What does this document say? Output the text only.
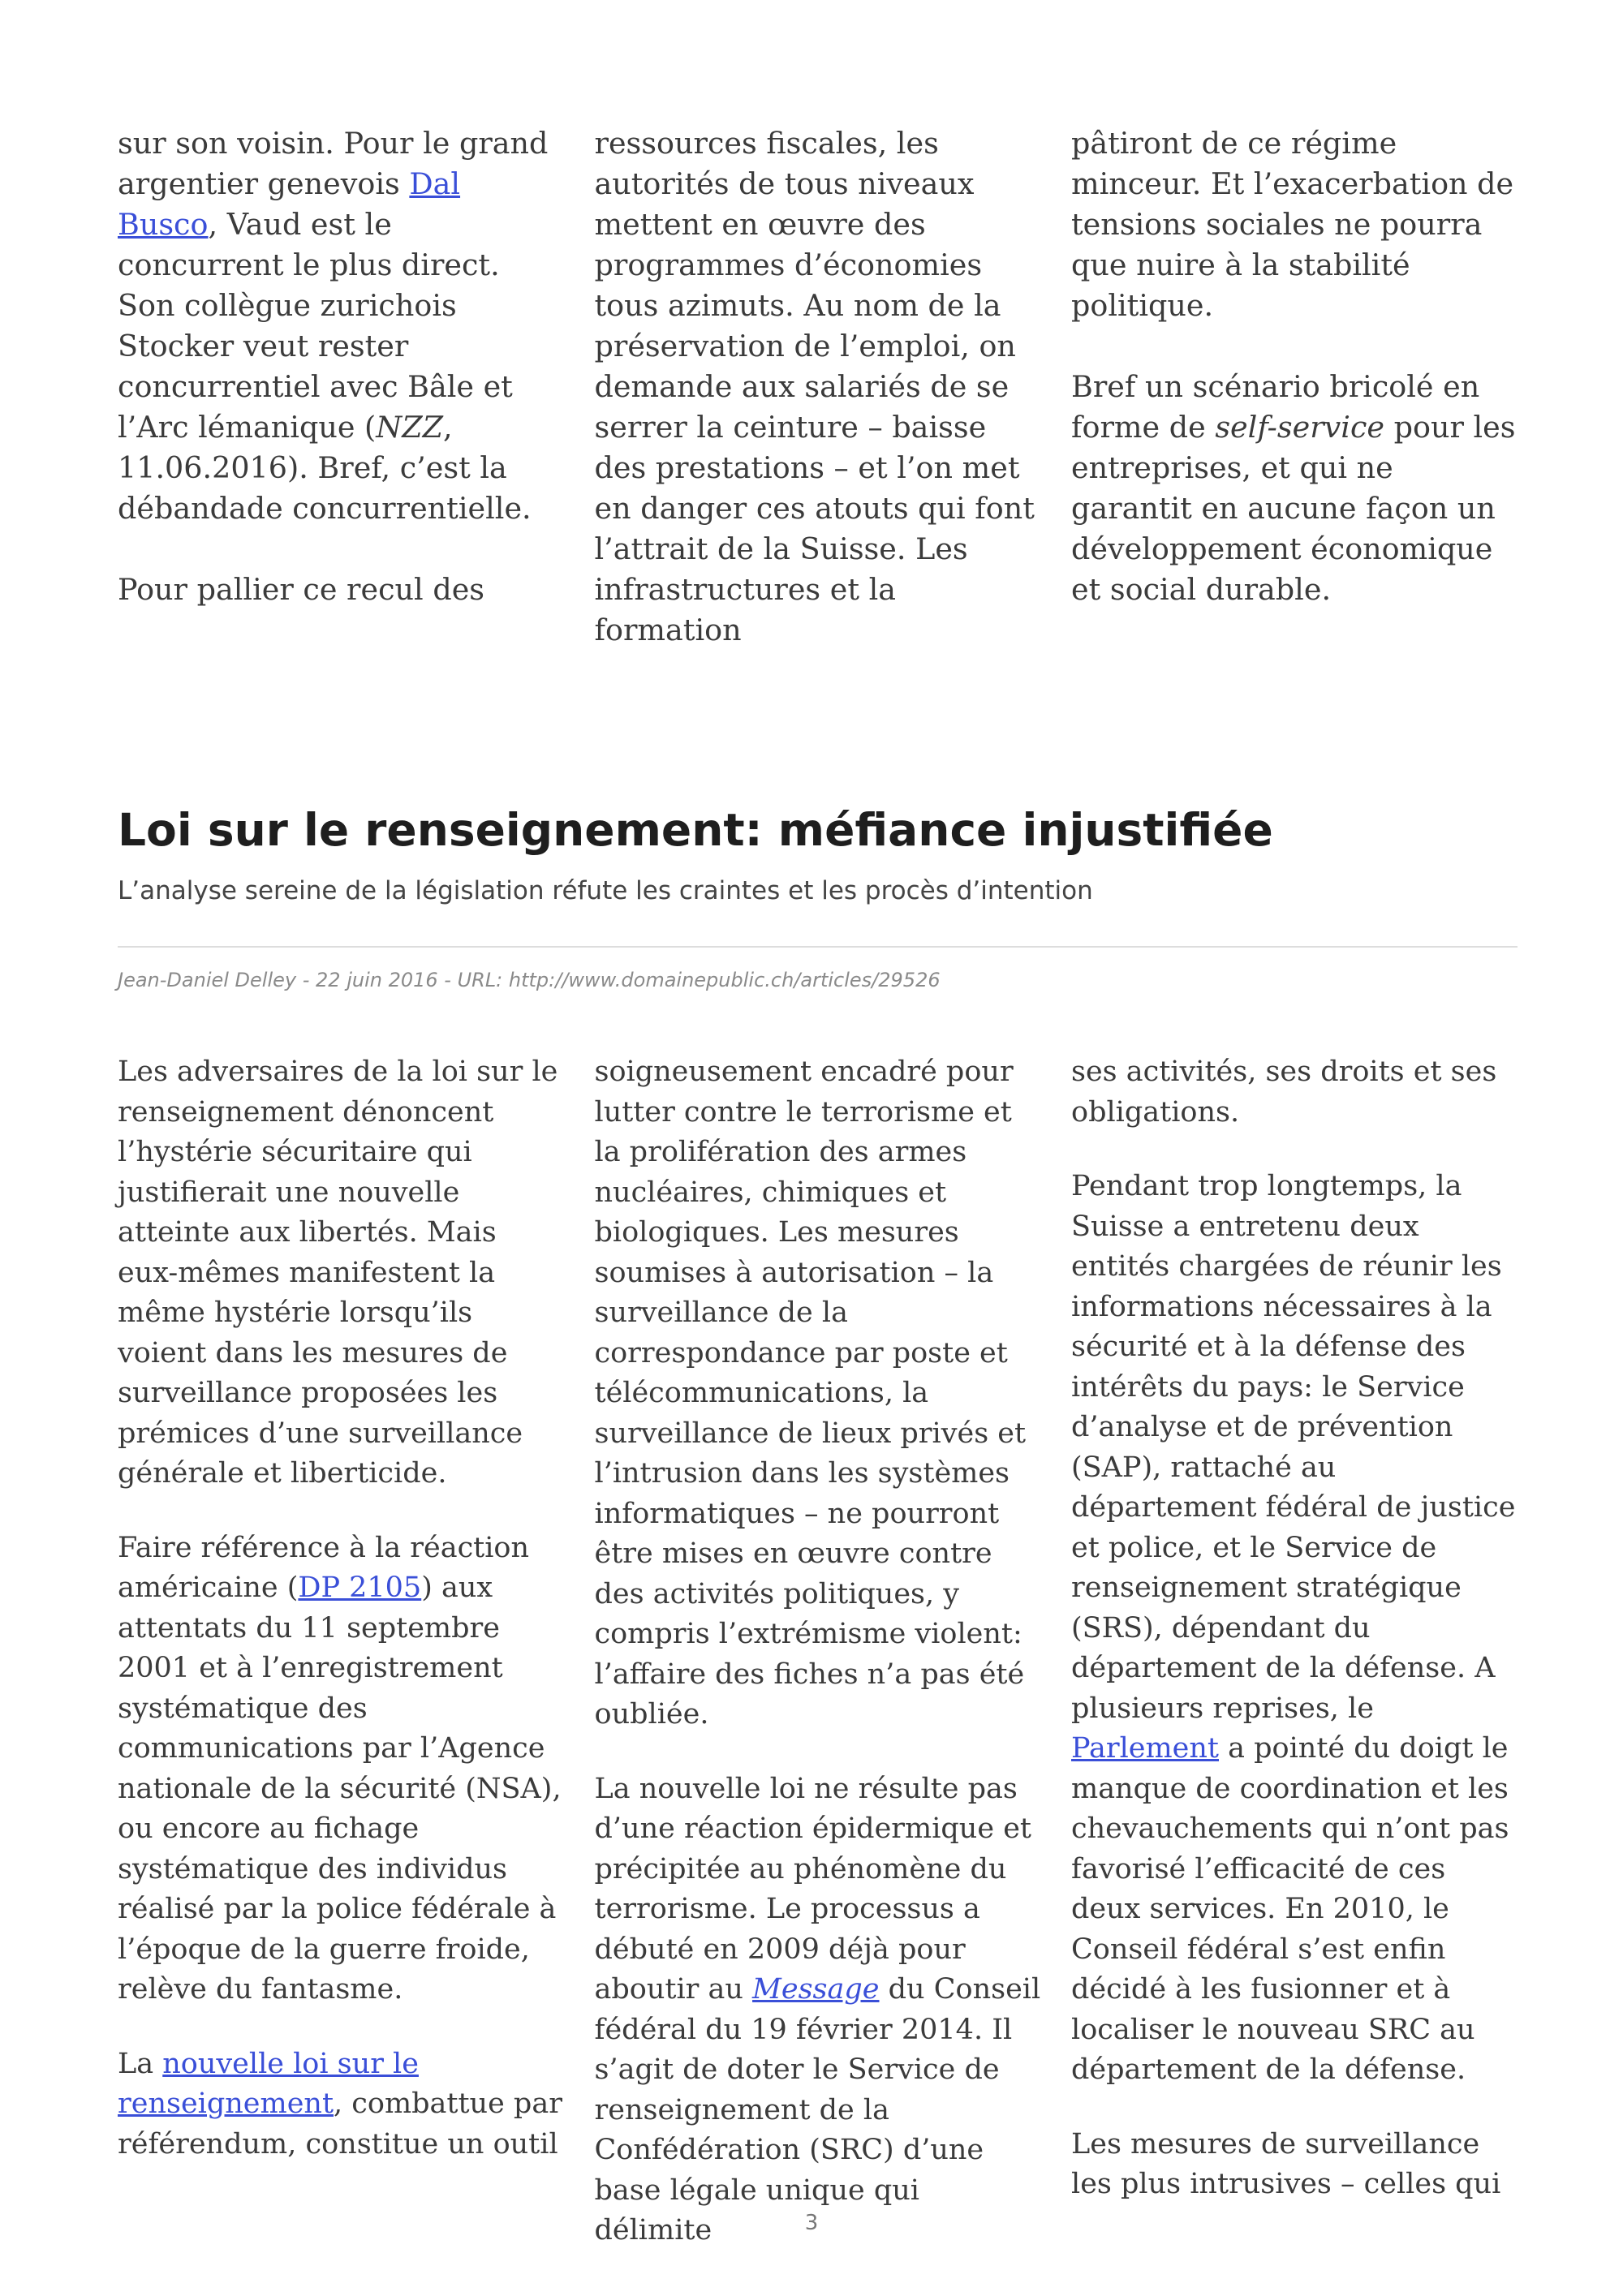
sur son voisin. Pour le grand argentier genevois Dal Busco, Vaud est le concurrent le plus direct. Son collègue zurichois Stocker veut rester concurrentiel avec Bâle et l’Arc lémanique (NZZ, 11.06.2016). Bref, c’est la débandade concurrentielle.

Pour pallier ce recul des

ressources fiscales, les autorités de tous niveaux mettent en œuvre des programmes d’économies tous azimuts. Au nom de la préservation de l’emploi, on demande aux salariés de se serrer la ceinture – baisse des prestations – et l’on met en danger ces atouts qui font l’attrait de la Suisse. Les infrastructures et la formation

pâtiront de ce régime minceur. Et l’exacerbation de tensions sociales ne pourra que nuire à la stabilité politique.

Bref un scénario bricolé en forme de self-service pour les entreprises, et qui ne garantit en aucune façon un développement économique et social durable.

Loi sur le renseignement: méfiance injustifiée

L’analyse sereine de la législation réfute les craintes et les procès d’intention

Jean-Daniel Delley - 22 juin 2016 - URL: http://www.domainepublic.ch/articles/29526

Les adversaires de la loi sur le renseignement dénoncent l’hystérie sécuritaire qui justifierait une nouvelle atteinte aux libertés. Mais eux-mêmes manifestent la même hystérie lorsqu’ils voient dans les mesures de surveillance proposées les prémices d’une surveillance générale et liberticide.

Faire référence à la réaction américaine (DP 2105) aux attentats du 11 septembre 2001 et à l’enregistrement systématique des communications par l’Agence nationale de la sécurité (NSA), ou encore au fichage systématique des individus réalisé par la police fédérale à l’époque de la guerre froide, relève du fantasme.

La nouvelle loi sur le renseignement, combattue par référendum, constitue un outil

soigneusement encadré pour lutter contre le terrorisme et la prolifération des armes nucléaires, chimiques et biologiques. Les mesures soumises à autorisation – la surveillance de la correspondance par poste et télécommunications, la surveillance de lieux privés et l’intrusion dans les systèmes informatiques – ne pourront être mises en œuvre contre des activités politiques, y compris l’extrémisme violent: l’affaire des fiches n’a pas été oubliée.

La nouvelle loi ne résulte pas d’une réaction épidermique et précipitée au phénomène du terrorisme. Le processus a débuté en 2009 déjà pour aboutir au Message du Conseil fédéral du 19 février 2014. Il s’agit de doter le Service de renseignement de la Confédération (SRC) d’une base légale unique qui délimite

ses activités, ses droits et ses obligations.

Pendant trop longtemps, la Suisse a entretenu deux entités chargées de réunir les informations nécessaires à la sécurité et à la défense des intérêts du pays: le Service d’analyse et de prévention (SAP), rattaché au département fédéral de justice et police, et le Service de renseignement stratégique (SRS), dépendant du département de la défense. A plusieurs reprises, le Parlement a pointé du doigt le manque de coordination et les chevauchements qui n’ont pas favorisé l’efficacité de ces deux services. En 2010, le Conseil fédéral s’est enfin décidé à les fusionner et à localiser le nouveau SRC au département de la défense.

Les mesures de surveillance les plus intrusives – celles qui

3
